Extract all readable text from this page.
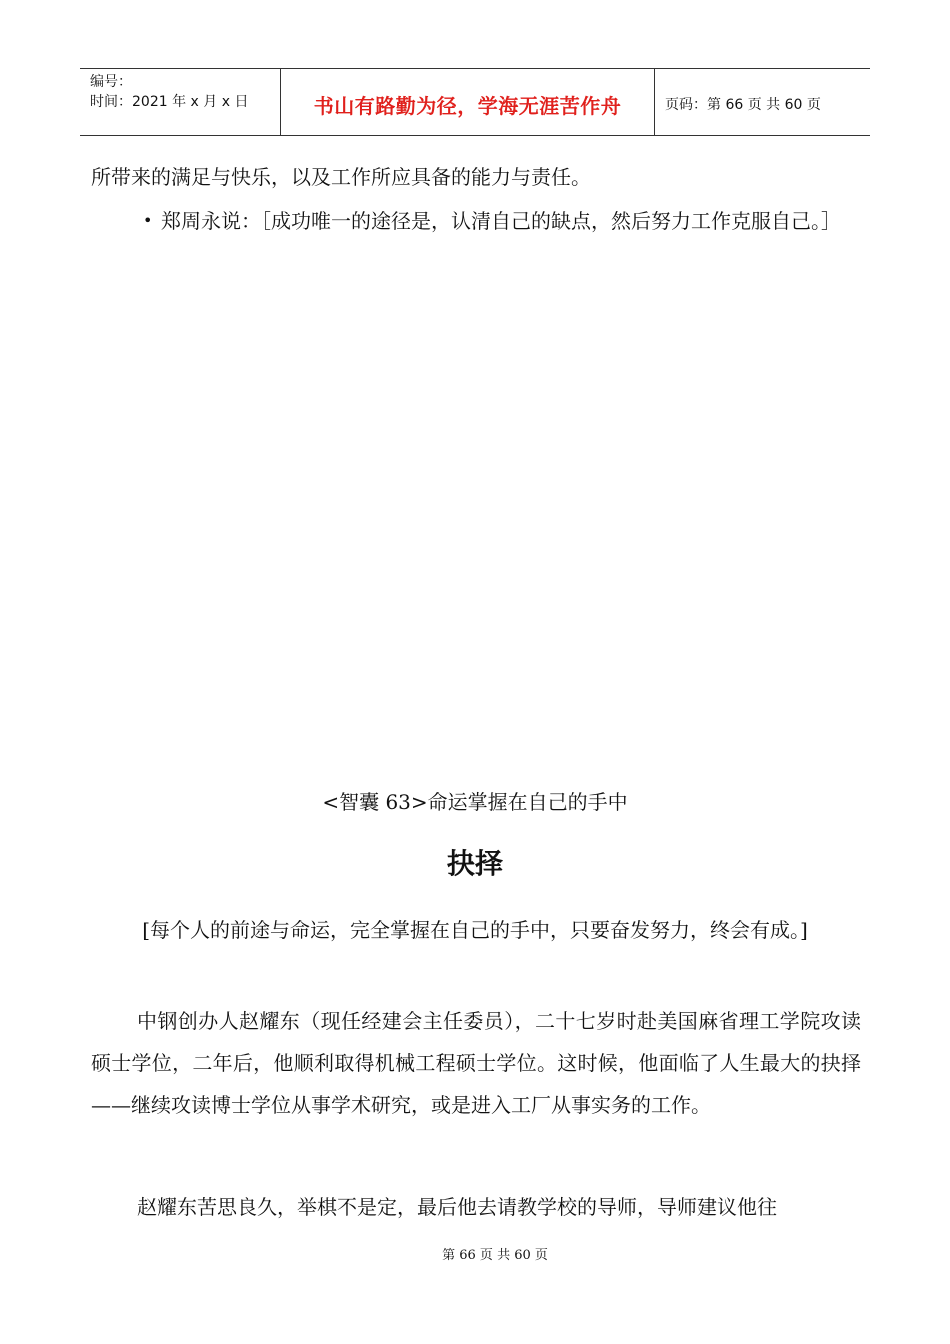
编号：
时间：2021 年 x 月 x 日	书山有路勤为径，学海无涯苦作舟	页码：第 66 页 共 60 页

所带来的满足与快乐，以及工作所应具备的能力与责任。

• 郑周永说：［成功唯一的途径是，认清自己的缺点，然后努力工作克服自己。］

<智囊 63>命运掌握在自己的手中

抉择

[每个人的前途与命运，完全掌握在自己的手中，只要奋发努力，终会有成。]

中钢创办人赵耀东（现任经建会主任委员），二十七岁时赴美国麻省理工学院攻读硕士学位，二年后，他顺利取得机械工程硕士学位。这时候，他面临了人生最大的抉择——继续攻读博士学位从事学术研究，或是进入工厂从事实务的工作。

赵耀东苦思良久，举棋不是定，最后他去请教学校的导师，导师建议他往

第 66 页 共 60 页
